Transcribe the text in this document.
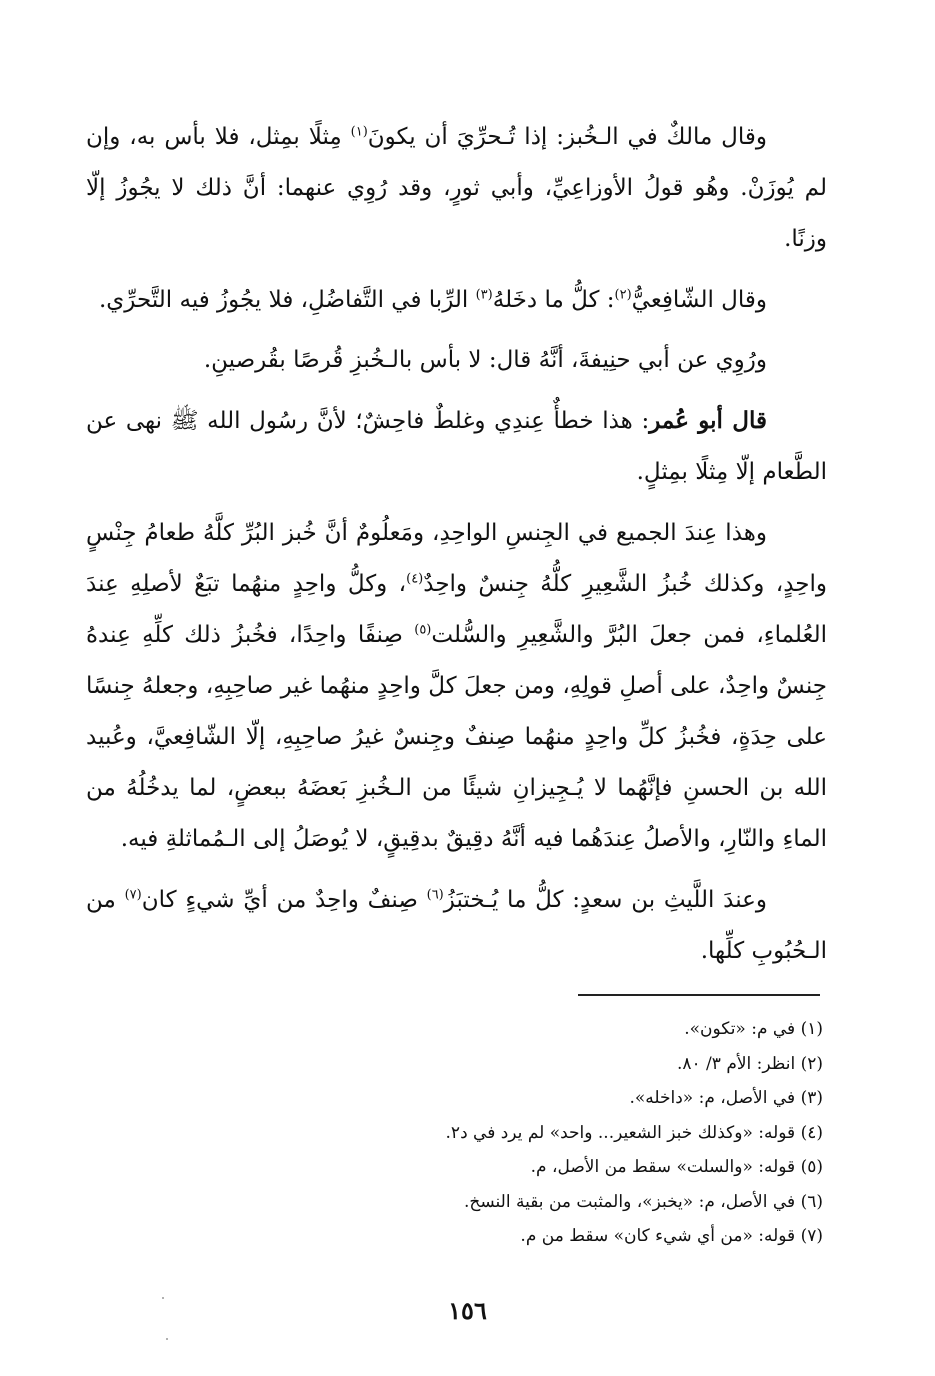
وقال مالكٌ في الـخُبز: إذا تُـحرِّيَ أن يكونَ$^{(١)}$ مِثلًا بمِثل، فلا بأس به، وإن لم يُوزَنْ. وهُو قولُ الأوزاعِيِّ، وأبي ثورٍ، وقد رُوِي عنهما: أنَّ ذلك لا يجُوزُ إلّا وزنًا.

وقال الشّافِعيُّ$^{(٢)}$: كلُّ ما دخَلهُ$^{(٣)}$ الرِّبا في التَّفاضُلِ، فلا يجُوزُ فيه التَّحرِّي.

ورُوِي عن أبي حنِيفةَ، أنَّهُ قال: لا بأس بالـخُبزِ قُرصًا بقُرصينِ.

قال أبو عُمر: هذا خطأٌ عِندِي وغلطٌ فاحِشٌ؛ لأنَّ رسُول الله ﷺ نهى عن الطَّعام إلّا مِثلًا بمِثلٍ.

وهذا عِندَ الجميع في الجِنسِ الواحِدِ، ومَعلُومٌ أنَّ خُبز البُرِّ كلَّهُ طعامُ جِنْسٍ واحِدٍ، وكذلك خُبزُ الشَّعِيرِ كلُّهُ جِنسٌ واحِدٌ$^{(٤)}$، وكلُّ واحِدٍ منهُما تبَعٌ لأصلِهِ عِندَ العُلماءِ، فمن جعلَ البُرَّ والشَّعِيرِ والسُّلت$^{(٥)}$ صِنفًا واحِدًا، فخُبزُ ذلك كلِّهِ عِندهُ جِنسٌ واحِدٌ، على أصلِ قولِهِ، ومن جعلَ كلَّ واحِدٍ منهُما غير صاحِبِهِ، وجعلهُ جِنسًا على حِدَةٍ، فخُبزُ كلِّ واحِدٍ منهُما صِنفٌ وجِنسٌ غيرُ صاحِبِهِ، إلّا الشّافِعيَّ، وعُبيد الله بن الحسنِ فإنَّهُما لا يُـجِيزانِ شيئًا من الـخُبزِ بَعضَهُ ببعضٍ، لما يدخُلُهُ من الماءِ والنّارِ، والأصلُ عِندَهُما فيه أنَّهُ دقِيقٌ بدقِيقٍ، لا يُوصَلُ إلى الـمُماثلةِ فيه.

وعندَ اللَّيثِ بن سعدٍ: كلُّ ما يُـختبَزُ$^{(٦)}$ صِنفٌ واحِدٌ من أيِّ شيءٍ كان$^{(٧)}$ من الـحُبُوبِ كلِّها.

(١) في م: «تكون».

(٢) انظر: الأم ٣/ ٨٠.

(٣) في الأصل، م: «داخله».

(٤) قوله: «وكذلك خبز الشعير... واحد» لم يرد في د٢.

(٥) قوله: «والسلت» سقط من الأصل، م.

(٦) في الأصل، م: «يخبز»، والمثبت من بقية النسخ.

(٧) قوله: «من أي شيء كان» سقط من م.

١٥٦
